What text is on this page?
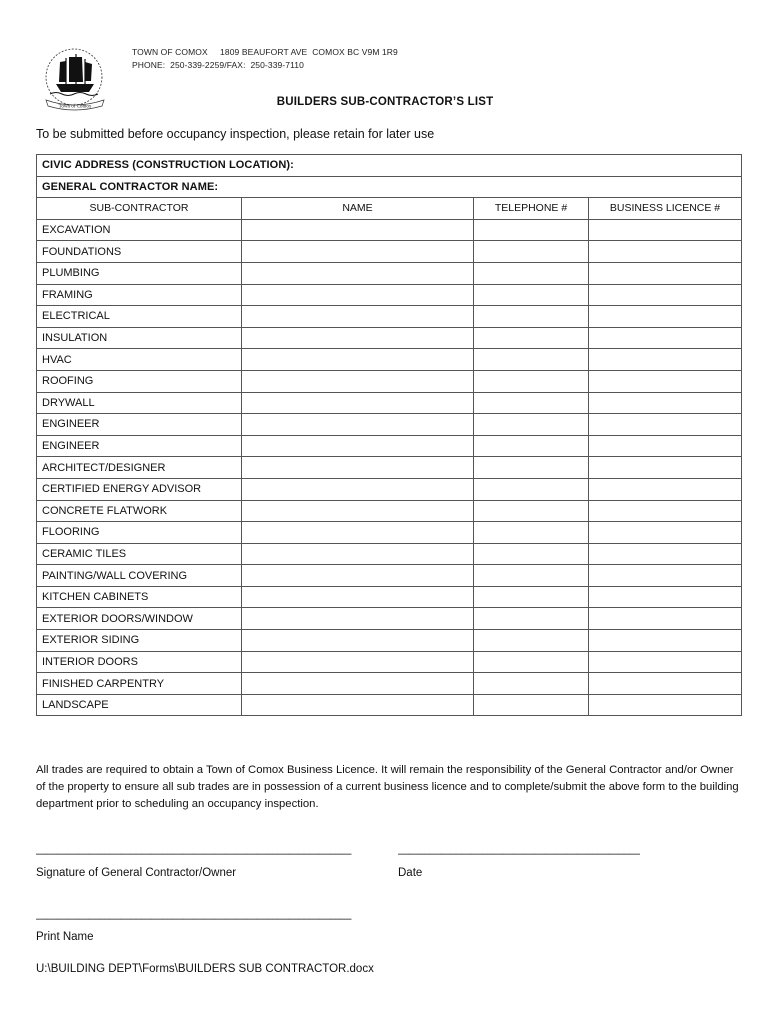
Town of Comox
TOWN OF COMOX     1809 BEAUFORT AVE  COMOX BC V9M 1R9
PHONE:  250-339-2259/FAX:  250-339-7110
BUILDERS SUB-CONTRACTOR’S LIST
To be submitted before occupancy inspection, please retain for later use
CIVIC ADDRESS (CONSTRUCTION LOCATION):			
GENERAL CONTRACTOR NAME:			
SUB-CONTRACTOR	NAME	TELEPHONE #	BUSINESS LICENCE #
EXCAVATION			
FOUNDATIONS			
PLUMBING			
FRAMING			
ELECTRICAL			
INSULATION			
HVAC			
ROOFING			
DRYWALL			
ENGINEER			
ENGINEER			
ARCHITECT/DESIGNER			
CERTIFIED ENERGY ADVISOR			
CONCRETE FLATWORK			
FLOORING			
CERAMIC TILES			
PAINTING/WALL COVERING			
KITCHEN CABINETS			
EXTERIOR DOORS/WINDOW			
EXTERIOR SIDING			
INTERIOR DOORS			
FINISHED CARPENTRY			
LANDSCAPE			
All trades are required to obtain a Town of Comox Business Licence. It will remain the responsibility of the General Contractor and/or Owner of the property to ensure all sub trades are in possession of a current business licence and to complete/submit the above form to the building department prior to scheduling an occupancy inspection.
——————————————————————————————
Signature of General Contractor/Owner
———————————————————————
Date
——————————————————————————————
Print Name
U:\BUILDING DEPT\Forms\BUILDERS SUB CONTRACTOR.docx
